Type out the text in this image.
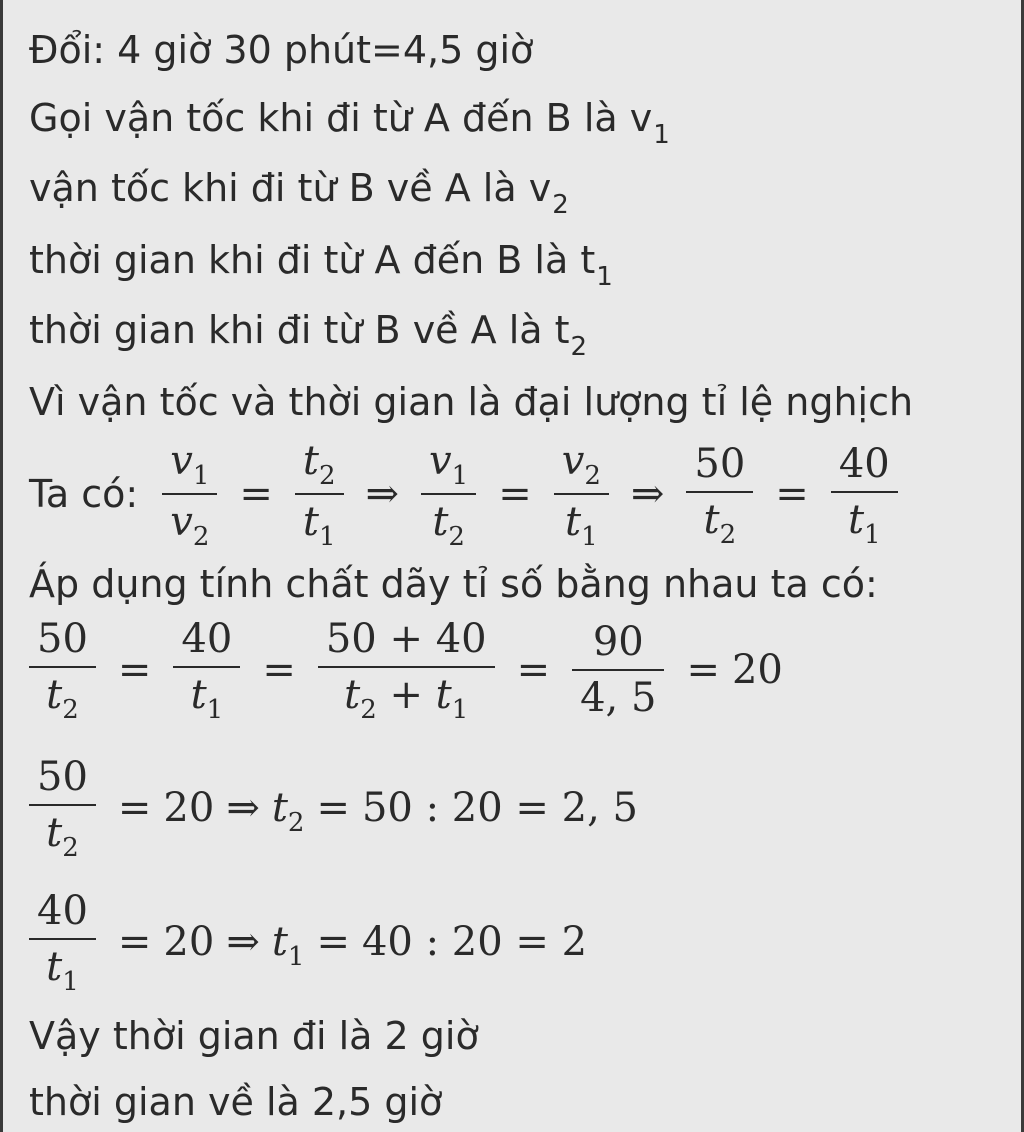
Đổi: 4 giờ 30 phút=4,5 giờ
Gọi vận tốc khi đi từ A đến B là $v_1$
vận tốc khi đi từ B về A là $v_2$
thời gian khi đi từ A đến B là $t_1$
thời gian khi đi từ B về A là $t_2$
Vì vận tốc và thời gian là đại lượng tỉ lệ nghịch
Ta có: $\frac{v_1}{v_2} = \frac{t_2}{t_1}$ ⇒ $\frac{v_1}{t_2} = \frac{v_2}{t_1}$ ⇒ $\frac{50}{t_2} = \frac{40}{t_1}$
Áp dụng tính chất dãy tỉ số bằng nhau ta có:
$\frac{50}{t_2} = \frac{40}{t_1} = \frac{50 + 40}{t_2 + t_1} = \frac{90}{4, 5} = 20$
$\frac{50}{t_2} = 20$ ⇒ $t_2 = 50$ : 20 = 2, 5
$\frac{40}{t_1} = 20$ ⇒ $t_1 = 40$ : 20 = 2
Vậy thời gian đi là 2 giờ
thời gian về là 2,5 giờ
